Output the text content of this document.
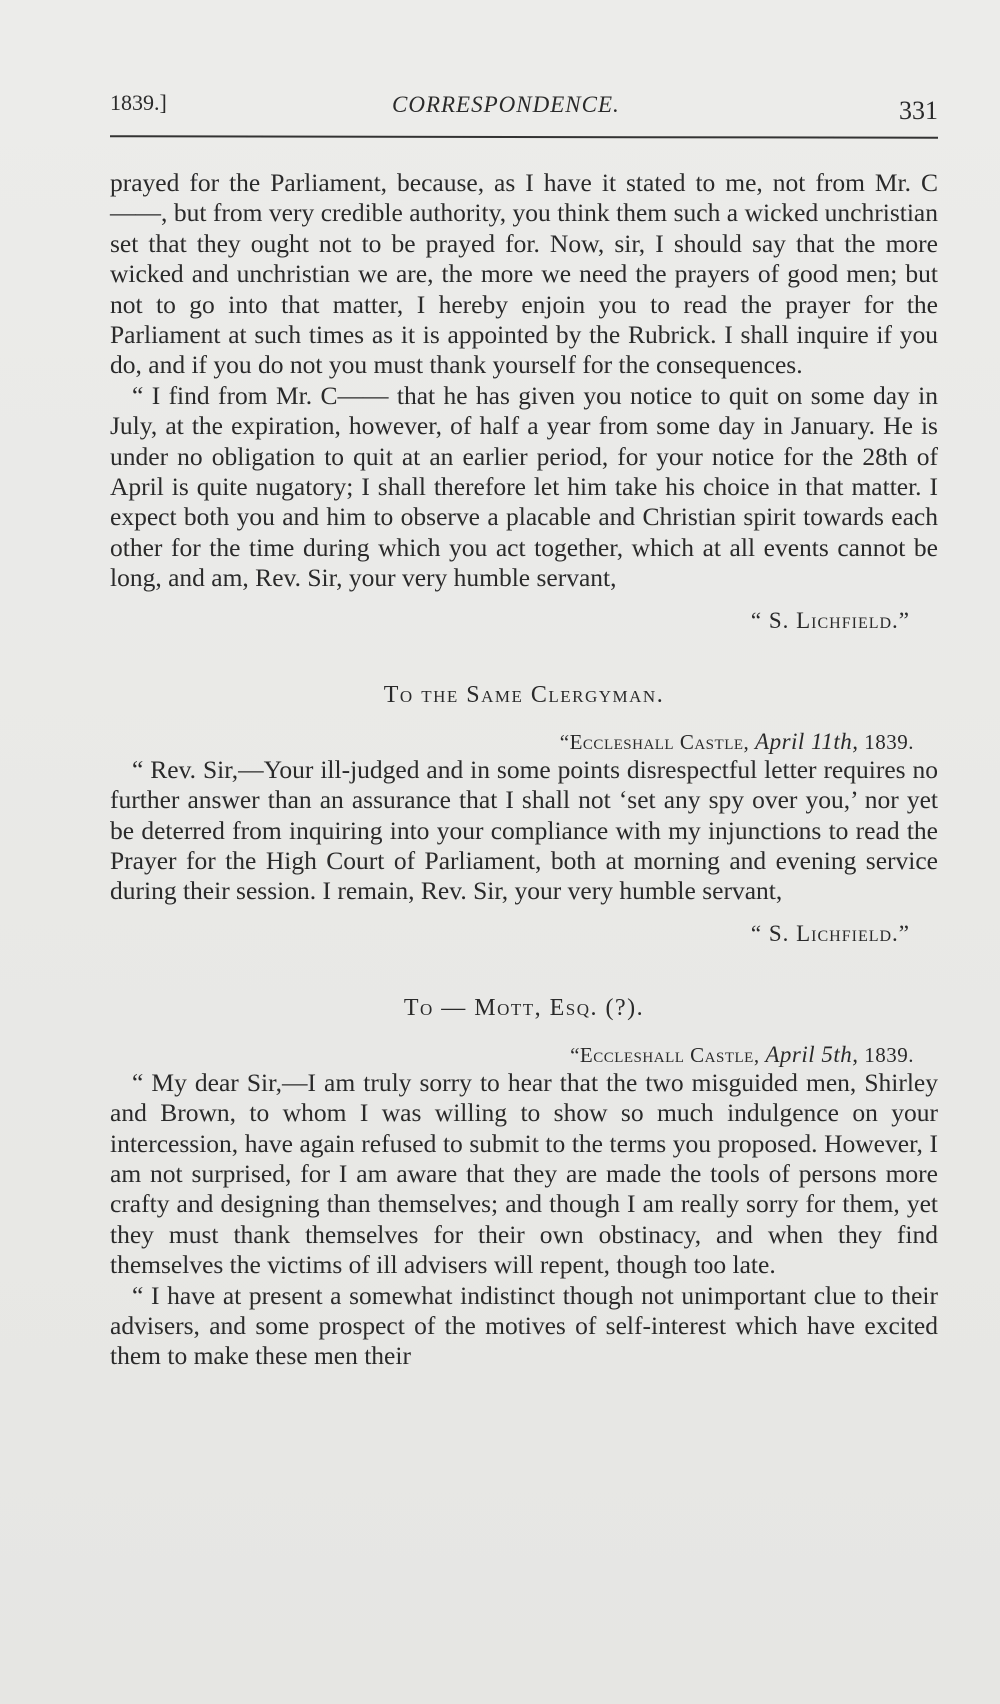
1839.]	CORRESPONDENCE.	331

prayed for the Parliament, because, as I have it stated to me, not from Mr. C——, but from very credible authority, you think them such a wicked unchristian set that they ought not to be prayed for. Now, sir, I should say that the more wicked and unchristian we are, the more we need the prayers of good men; but not to go into that matter, I hereby enjoin you to read the prayer for the Parliament at such times as it is appointed by the Rubrick. I shall inquire if you do, and if you do not you must thank yourself for the consequences.

“ I find from Mr. C—— that he has given you notice to quit on some day in July, at the expiration, however, of half a year from some day in January. He is under no obligation to quit at an earlier period, for your notice for the 28th of April is quite nugatory; I shall therefore let him take his choice in that matter. I expect both you and him to observe a placable and Christian spirit towards each other for the time during which you act together, which at all events cannot be long, and am, Rev. Sir, your very humble servant,

“ S. Lichfield.”
To the Same Clergyman.
“Eccleshall Castle, April 11th, 1839.

“ Rev. Sir,—Your ill-judged and in some points disrespectful letter requires no further answer than an assurance that I shall not ‘set any spy over you,’ nor yet be deterred from inquiring into your compliance with my injunctions to read the Prayer for the High Court of Parliament, both at morning and evening service during their session. I remain, Rev. Sir, your very humble servant,

“ S. Lichfield.”
To — Mott, Esq. (?).
“Eccleshall Castle, April 5th, 1839.

“ My dear Sir,—I am truly sorry to hear that the two misguided men, Shirley and Brown, to whom I was willing to show so much indulgence on your intercession, have again refused to submit to the terms you proposed. However, I am not surprised, for I am aware that they are made the tools of persons more crafty and designing than themselves; and though I am really sorry for them, yet they must thank themselves for their own obstinacy, and when they find themselves the victims of ill advisers will repent, though too late.

“ I have at present a somewhat indistinct though not unimportant clue to their advisers, and some prospect of the motives of self-interest which have excited them to make these men their
